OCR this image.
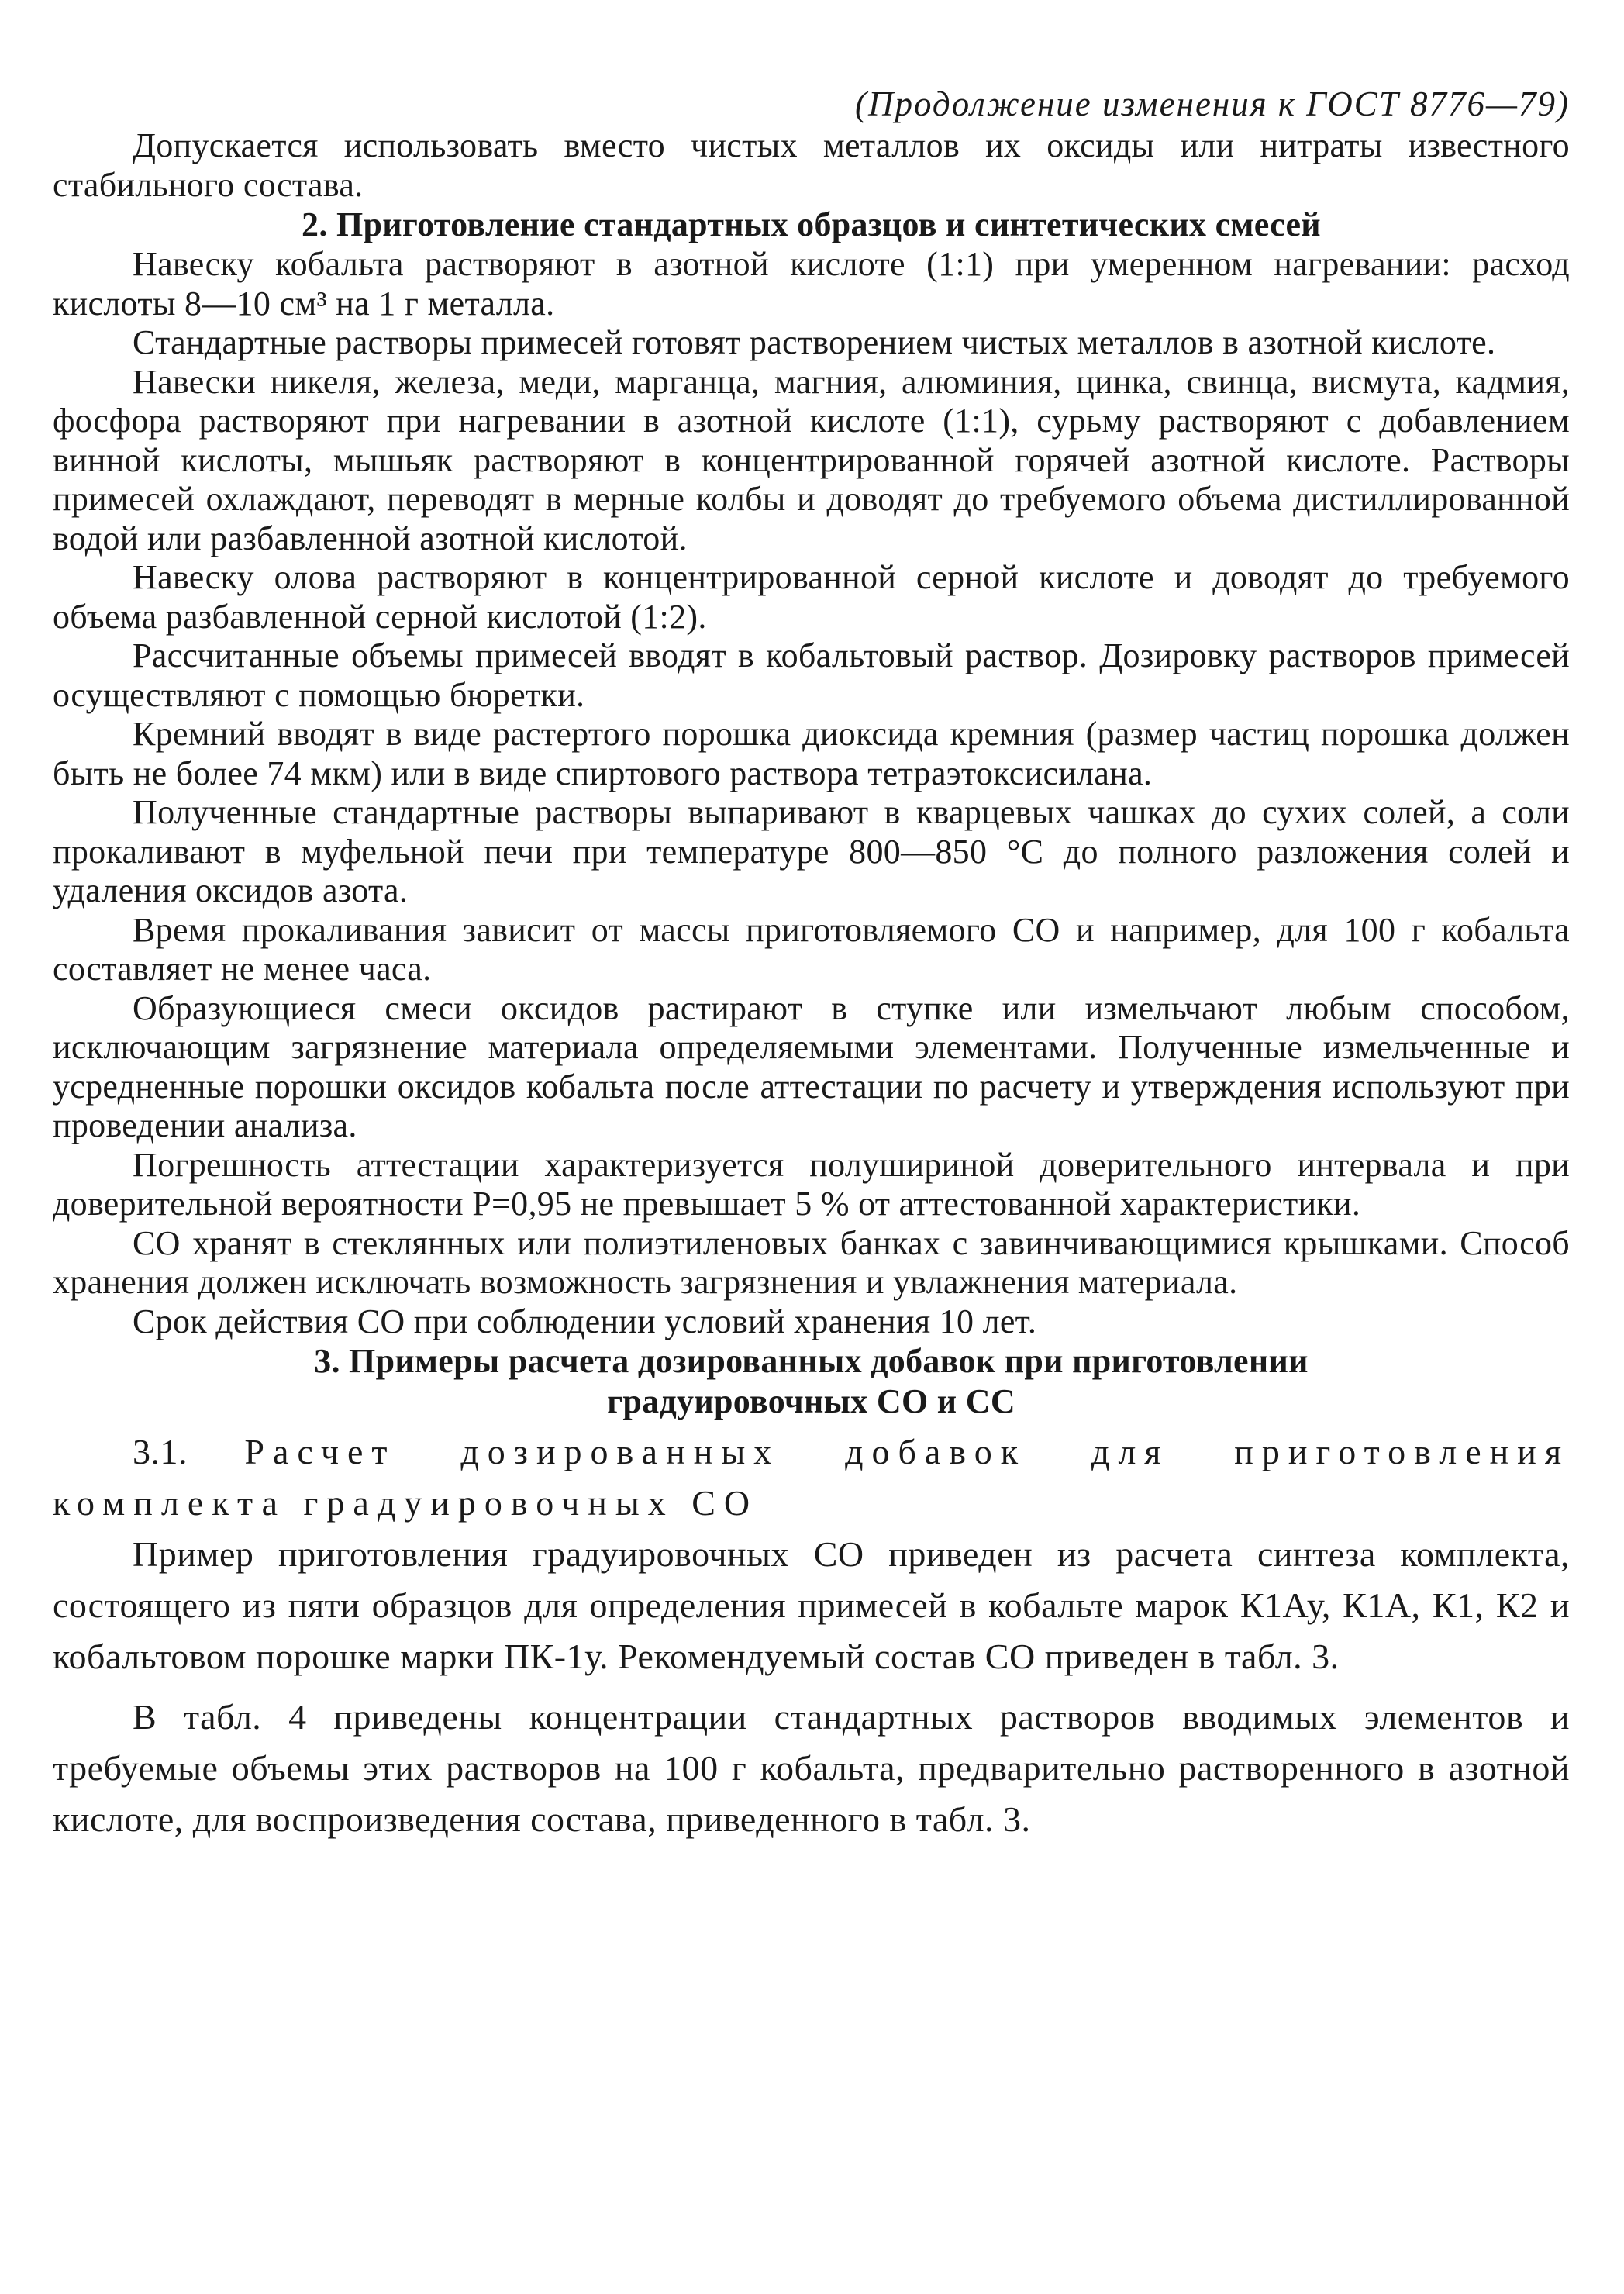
(Продолжение изменения к ГОСТ 8776—79)

Допускается использовать вместо чистых металлов их оксиды или нитраты известного стабильного состава.

2. Приготовление стандартных образцов и синтетических смесей

Навеску кобальта растворяют в азотной кислоте (1:1) при умеренном нагревании: расход кислоты 8—10 см³ на 1 г металла.

Стандартные растворы примесей готовят растворением чистых металлов в азотной кислоте.

Навески никеля, железа, меди, марганца, магния, алюминия, цинка, свинца, висмута, кадмия, фосфора растворяют при нагревании в азотной кислоте (1:1), сурьму растворяют с добавлением винной кислоты, мышьяк растворяют в концентрированной горячей азотной кислоте. Растворы примесей охлаждают, переводят в мерные колбы и доводят до требуемого объема дистиллированной водой или разбавленной азотной кислотой.

Навеску олова растворяют в концентрированной серной кислоте и доводят до требуемого объема разбавленной серной кислотой (1:2).

Рассчитанные объемы примесей вводят в кобальтовый раствор. Дозировку растворов примесей осуществляют с помощью бюретки.

Кремний вводят в виде растертого порошка диоксида кремния (размер частиц порошка должен быть не более 74 мкм) или в виде спиртового раствора тетраэтоксисилана.

Полученные стандартные растворы выпаривают в кварцевых чашках до сухих солей, а соли прокаливают в муфельной печи при температуре 800—850 °С до полного разложения солей и удаления оксидов азота.

Время прокаливания зависит от массы приготовляемого СО и например, для 100 г кобальта составляет не менее часа.

Образующиеся смеси оксидов растирают в ступке или измельчают любым способом, исключающим загрязнение материала определяемыми элементами. Полученные измельченные и усредненные порошки оксидов кобальта после аттестации по расчету и утверждения используют при проведении анализа.

Погрешность аттестации характеризуется полушириной доверительного интервала и при доверительной вероятности Р=0,95 не превышает 5 % от аттестованной характеристики.

СО хранят в стеклянных или полиэтиленовых банках с завинчивающимися крышками. Способ хранения должен исключать возможность загрязнения и увлажнения материала.

Срок действия СО при соблюдении условий хранения 10 лет.

3. Примеры расчета дозированных добавок при приготовлении
градуировочных СО и СС

3.1. Расчет дозированных добавок для приготовления комплекта градуировочных СО

Пример приготовления градуировочных СО приведен из расчета синтеза комплекта, состоящего из пяти образцов для определения примесей в кобальте марок К1Ау, К1А, К1, К2 и кобальтовом порошке марки ПК-1у. Рекомендуемый состав СО приведен в табл. 3.

В табл. 4 приведены концентрации стандартных растворов вводимых элементов и требуемые объемы этих растворов на 100 г кобальта, предварительно растворенного в азотной кислоте, для воспроизведения состава, приведенного в табл. 3.
